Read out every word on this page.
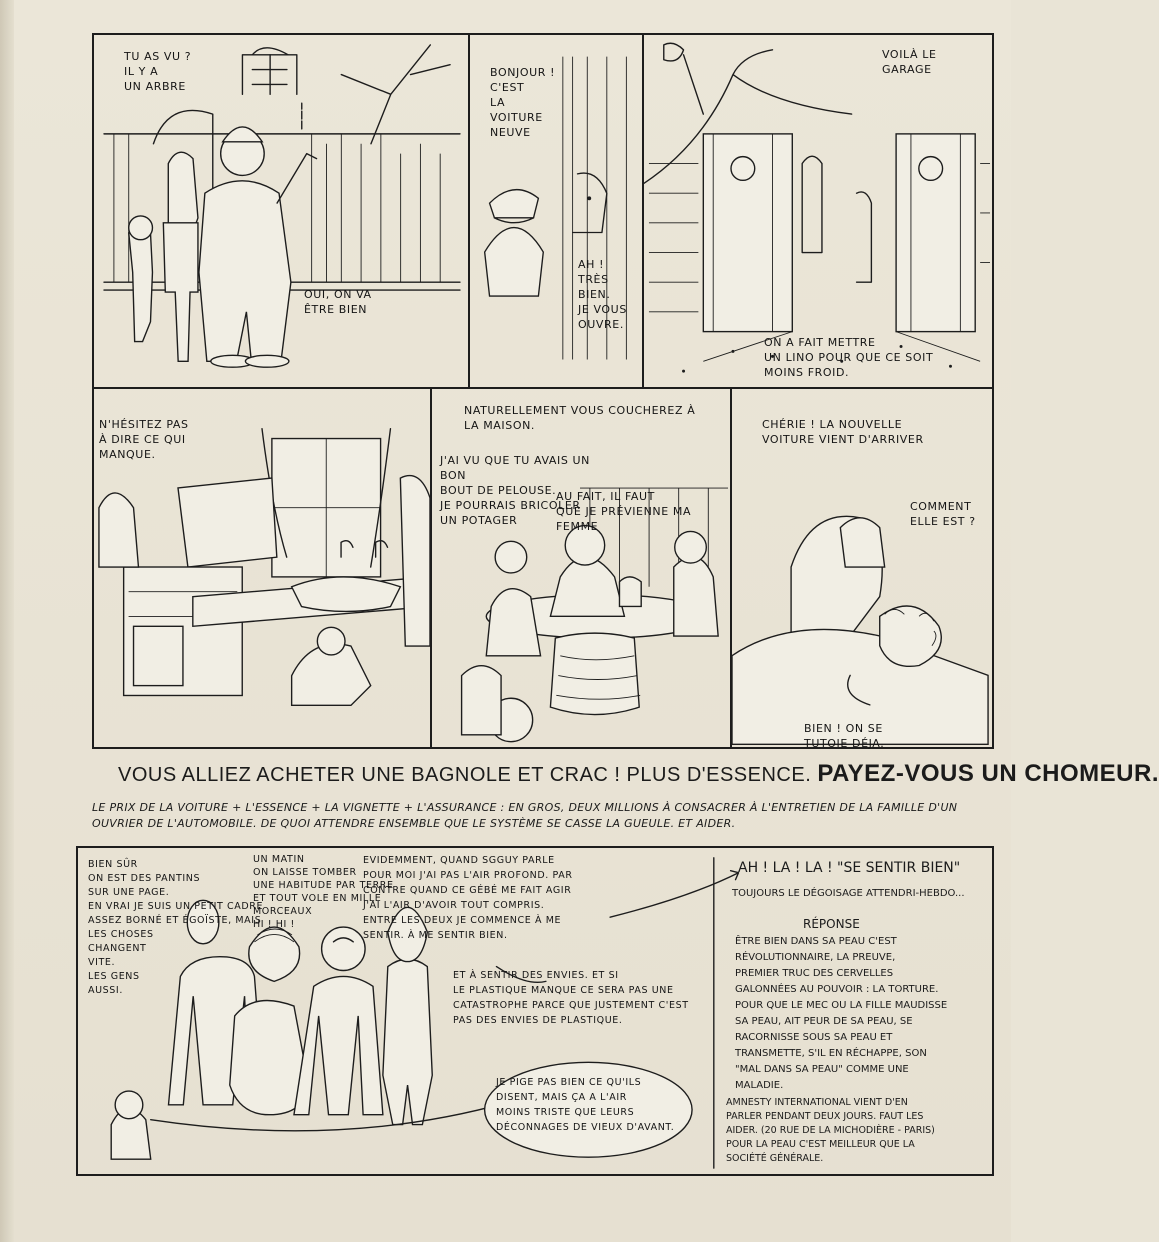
TU AS VU ?
IL Y A
UN ARBRE
OUI, ON VA
ÊTRE BIEN
BONJOUR !
C'EST
LA
VOITURE
NEUVE
AH !
TRÈS
BIEN.
JE VOUS
OUVRE.
VOILÀ LE
GARAGE
ON A FAIT METTRE
UN LINO POUR QUE CE SOIT
MOINS FROID.
N'HÉSITEZ PAS
À DIRE CE QUI
MANQUE.
NATURELLEMENT VOUS COUCHEREZ À
LA MAISON.
J'AI VU QUE TU AVAIS UN BON
BOUT DE PELOUSE.
JE POURRAIS BRICOLER
UN POTAGER
AU FAIT, IL FAUT
QUE JE PRÉVIENNE MA
FEMME
CHÉRIE ! LA NOUVELLE
VOITURE VIENT D'ARRIVER
COMMENT
ELLE EST ?
BIEN ! ON SE
TUTOIE DÉJA.
VOUS ALLIEZ ACHETER UNE BAGNOLE ET CRAC ! PLUS D'ESSENCE. PAYEZ-VOUS UN CHOMEUR.
LE PRIX DE LA VOITURE + L'ESSENCE + LA VIGNETTE + L'ASSURANCE : EN GROS, DEUX MILLIONS À CONSACRER À L'ENTRETIEN DE LA FAMILLE D'UN OUVRIER DE L'AUTOMOBILE. DE QUOI ATTENDRE ENSEMBLE QUE LE SYSTÈME SE CASSE LA GUEULE. ET AIDER.
BIEN SÛR
ON EST DES PANTINS
SUR UNE PAGE.
EN VRAI JE SUIS UN PETIT CADRE
ASSEZ BORNÉ ET ÉGOÏSTE, MAIS
LES CHOSES
CHANGENT
VITE.
LES GENS
AUSSI.
UN MATIN
ON LAISSE TOMBER
UNE HABITUDE PAR TERRE
ET TOUT VOLE EN MILLE MORCEAUX
HI ! HI !
EVIDEMMENT, QUAND SGGUY PARLE
POUR MOI J'AI PAS L'AIR PROFOND. PAR
CONTRE QUAND CE GÉBÉ ME FAIT AGIR
J'AI L'AIR D'AVOIR TOUT COMPRIS.
ENTRE LES DEUX JE COMMENCE À ME
SENTIR. À ME SENTIR BIEN.
ET À SENTIR DES ENVIES. ET SI
LE PLASTIQUE MANQUE CE SERA PAS UNE
CATASTROPHE PARCE QUE JUSTEMENT C'EST
PAS DES ENVIES DE PLASTIQUE.
JE PIGE PAS BIEN CE QU'ILS
DISENT, MAIS ÇA A L'AIR
MOINS TRISTE QUE LEURS
DÉCONNAGES DE VIEUX D'AVANT.
AH ! LA ! LA ! "SE SENTIR BIEN"
TOUJOURS LE DÉGOISAGE ATTENDRI-HEBDO...
RÉPONSE
ÊTRE BIEN DANS SA PEAU C'EST
RÉVOLUTIONNAIRE, LA PREUVE,
PREMIER TRUC DES CERVELLES
GALONNÉES AU POUVOIR : LA TORTURE.
POUR QUE LE MEC OU LA FILLE MAUDISSE
SA PEAU, AIT PEUR DE SA PEAU, SE
RACORNISSE SOUS SA PEAU ET
TRANSMETTE, S'IL EN RÉCHAPPE, SON
"MAL DANS SA PEAU" COMME UNE
MALADIE.
AMNESTY INTERNATIONAL VIENT D'EN
PARLER PENDANT DEUX JOURS. FAUT LES
AIDER. (20 RUE DE LA MICHODIÈRE - PARIS)
POUR LA PEAU C'EST MEILLEUR QUE LA
SOCIÉTÉ GÉNÉRALE.
